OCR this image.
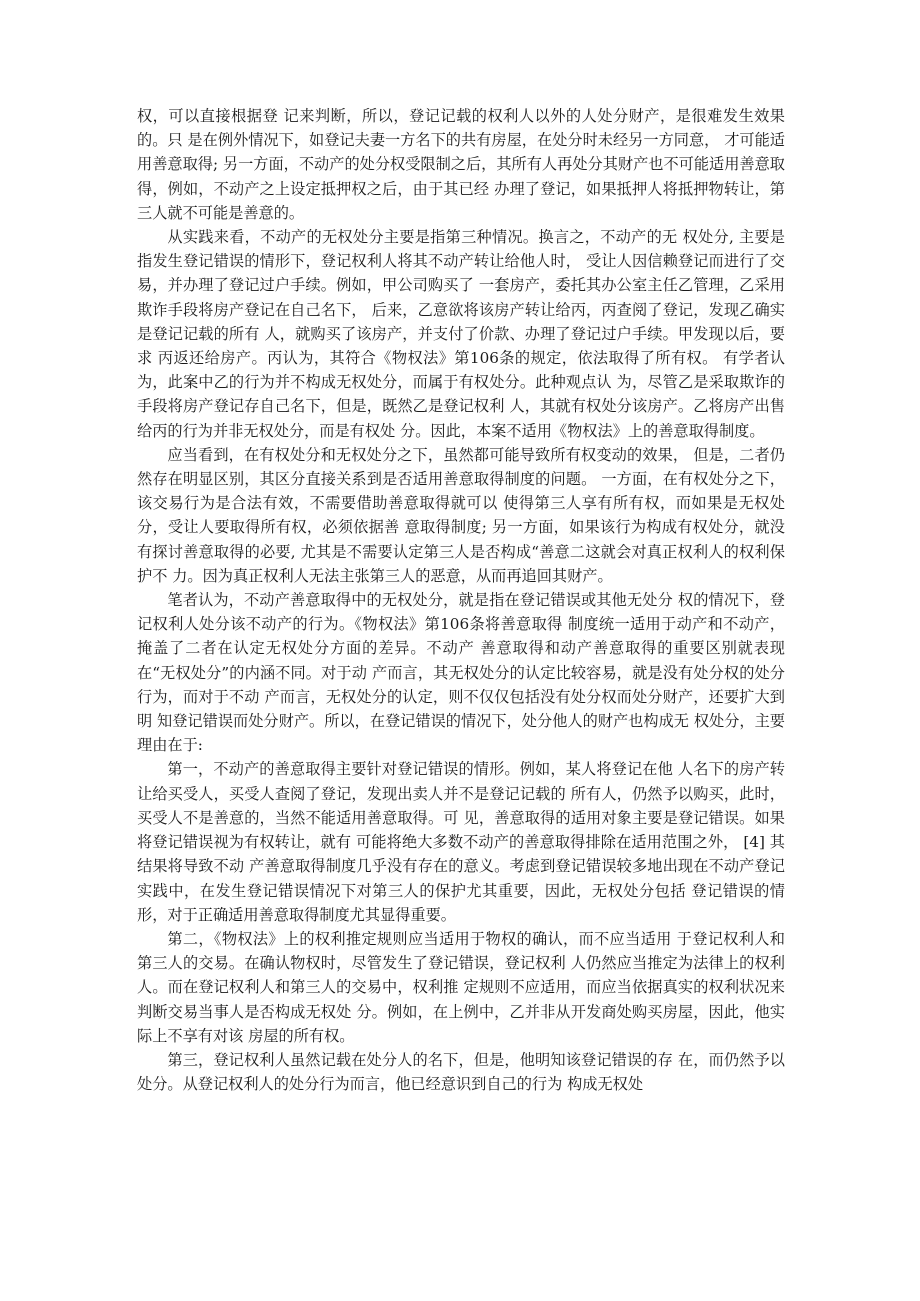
权，可以直接根据登 记来判断，所以，登记记载的权利人以外的人处分财产，是很难发生效果的。只 是在例外情况下，如登记夫妻一方名下的共有房屋，在处分时未经另一方同意， 才可能适用善意取得; 另一方面，不动产的处分权受限制之后，其所有人再处分其财产也不可能适用善意取得，例如，不动产之上设定抵押权之后，由于其已经 办理了登记，如果抵押人将抵押物转让，第三人就不可能是善意的。

从实践来看，不动产的无权处分主要是指第三种情况。换言之，不动产的无 权处分, 主要是指发生登记错误的情形下，登记权利人将其不动产转让给他人时， 受让人因信赖登记而进行了交易，并办理了登记过户手续。例如，甲公司购买了 一套房产，委托其办公室主任乙管理，乙采用欺诈手段将房产登记在自己名下， 后来，乙意欲将该房产转让给丙，丙查阅了登记，发现乙确实是登记记载的所有 人，就购买了该房产，并支付了价款、办理了登记过户手续。甲发现以后，要求 丙返还给房产。丙认为，其符合《物权法》第106条的规定，依法取得了所有权。 有学者认为，此案中乙的行为并不构成无权处分，而属于有权处分。此种观点认 为，尽管乙是采取欺诈的手段将房产登记存自己名下，但是，既然乙是登记权利 人，其就有权处分该房产。乙将房产出售给丙的行为并非无权处分，而是有权处 分。因此，本案不适用《物权法》上的善意取得制度。

应当看到，在有权处分和无权处分之下，虽然都可能导致所有权变动的效果， 但是，二者仍然存在明显区别，其区分直接关系到是否适用善意取得制度的问题。 一方面，在有权处分之下，该交易行为是合法有效，不需要借助善意取得就可以 使得第三人享有所有权，而如果是无权处分，受让人要取得所有权，必须依据善 意取得制度; 另一方面，如果该行为构成有权处分，就没有探讨善意取得的必要, 尤其是不需要认定第三人是否构成“善意二这就会对真正权利人的权利保护不 力。因为真正权利人无法主张第三人的恶意，从而再追回其财产。

笔者认为，不动产善意取得中的无权处分，就是指在登记错误或其他无处分 权的情况下，登记权利人处分该不动产的行为。《物权法》第106条将善意取得 制度统一适用于动产和不动产，掩盖了二者在认定无权处分方面的差异。不动产 善意取得和动产善意取得的重要区别就表现在“无权处分”的内涵不同。对于动 产而言，其无权处分的认定比较容易，就是没有处分权的处分行为，而对于不动 产而言，无权处分的认定，则不仅仅包括没有处分权而处分财产，还要扩大到明 知登记错误而处分财产。所以，在登记错误的情况下，处分他人的财产也构成无 权处分，主要理由在于:

第一，不动产的善意取得主要针对登记错误的情形。例如，某人将登记在他 人名下的房产转让给买受人，买受人查阅了登记，发现出卖人并不是登记记载的 所有人，仍然予以购买，此时，买受人不是善意的，当然不能适用善意取得。可 见，善意取得的适用对象主要是登记错误。如果将登记错误视为有权转让，就有 可能将绝大多数不动产的善意取得排除在适用范围之外， [4] 其结果将导致不动 产善意取得制度几乎没有存在的意义。考虑到登记错误较多地出现在不动产登记 实践中，在发生登记错误情况下对第三人的保护尤其重要，因此，无权处分包括 登记错误的情形，对于正确适用善意取得制度尤其显得重要。

第二，《物权法》上的权利推定规则应当适用于物权的确认，而不应当适用 于登记权利人和第三人的交易。在确认物权时，尽管发生了登记错误，登记权利 人仍然应当推定为法律上的权利人。而在登记权利人和第三人的交易中，权利推 定规则不应适用，而应当依据真实的权利状况来判断交易当事人是否构成无权处 分。例如，在上例中，乙并非从开发商处购买房屋，因此，他实际上不享有对该 房屋的所有权。

第三，登记权利人虽然记载在处分人的名下，但是，他明知该登记错误的存 在，而仍然予以处分。从登记权利人的处分行为而言，他已经意识到自己的行为 构成无权处
